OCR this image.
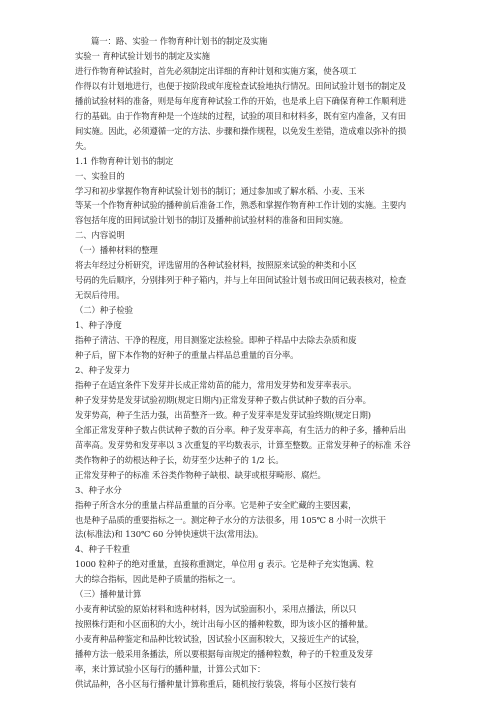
篇一：路、实验一 作物育种计划书的制定及实施
实验一 育种试验计划书的制定及实施
进行作物育种试验时，首先必须制定出详细的育种计划和实施方案，使各项工
作得以有计划地进行，也便于按阶段或年度检查试验地执行情况。田间试验计划书的制定及
播前试验材料的准备，则是每年度育种试验工作的开始，也是承上启下确保育种工作顺利进
行的基础。由于作物育种是一个连续的过程，试验的项目和材料多，既有室内准备，又有田
间实施。因此，必须遵循一定的方法、步骤和操作规程，以免发生差错，造成难以弥补的损
失。
1.1 作物育种计划书的制定
一、实验目的
学习和初步掌握作物育种试验计划书的制订；通过参加或了解水稻、小麦、玉米
等某一个作物育种试验的播种前后准备工作，熟悉和掌握作物育种工作计划的实施。主要内
容包括年度的田间试验计划书的制订及播种前试验材料的准备和田间实施。
二、内容说明
（一）播种材料的整理
将去年经过分析研究，评选留用的各种试验材料，按照原来试验的种类和小区
号码的先后顺序，分别排列于种子箱内，并与上年田间试验计划书或田间记载表核对，检查
无误后待用。
（二）种子检验
1、种子净度
指种子清洁、干净的程度，用目测鉴定法检验。即种子样品中去除去杂质和废
种子后，留下本作物的好种子的重量占样品总重量的百分率。
2、种子发芽力
指种子在适宜条件下发芽并长成正常幼苗的能力，常用发芽势和发芽率表示。
种子发芽势是发芽试验初期(规定日期内)正常发芽种子数占供试种子数的百分率。
发芽势高，种子生活力强，出苗整齐一致。种子发芽率是发芽试验终期(规定日期)
全部正常发芽种子数占供试种子数的百分率。种子发芽率高，有生活力的种子多，播种后出
苗率高。发芽势和发芽率以 3 次重复的平均数表示，计算至整数。正常发芽种子的标准 禾谷
类作物种子的幼根达种子长，幼芽至少达种子的 1/2 长。
正常发芽种子的标准 禾谷类作物种子缺根、缺芽或根芽畸形、腐烂。
3、种子水分
指种子所含水分的重量占样品重量的百分率。它是种子安全贮藏的主要因素，
也是种子品质的重要指标之一。测定种子水分的方法很多，用 105℃ 8 小时一次烘干
法(标准法)和 130℃ 60 分钟快速烘干法(常用法)。
4、种子千粒重
1000 粒种子的绝对重量，直接称重测定，单位用 g 表示。它是种子充实饱满、粒
大的综合指标，因此是种子质量的指标之一。
（三）播种量计算
小麦育种试验的原始材料和选种材料，因为试验面积小，采用点播法，所以只
按照株行距和小区面积的大小，统计出每小区的播种粒数，即为该小区的播种量。
小麦育种品种鉴定和品种比较试验，因试验小区面积较大，又接近生产的试验，
播种方法一般采用条播法，所以要根据每亩规定的播种粒数，种子的千粒重及发芽
率，来计算试验小区每行的播种量，计算公式如下：
供试品种，各小区每行播种量计算称重后，随机按行装袋，将每小区按行装有
